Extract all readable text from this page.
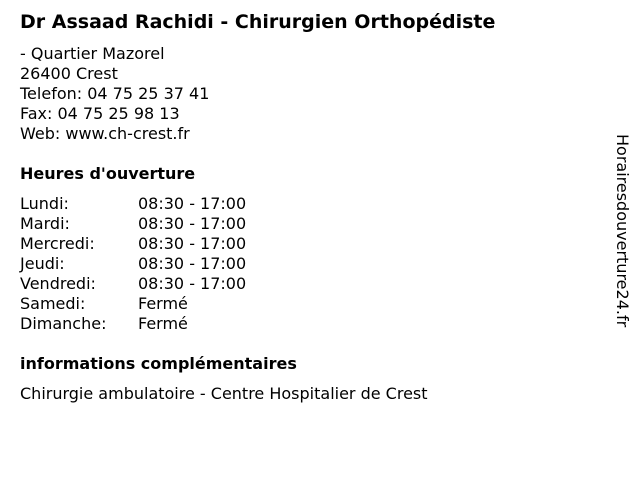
Dr Assaad Rachidi - Chirurgien Orthopédiste
- Quartier Mazorel
26400 Crest
Telefon: 04 75 25 37 41
Fax: 04 75 25 98 13
Web: www.ch-crest.fr
Heures d'ouverture
Lundi:	08:30 - 17:00
Mardi:	08:30 - 17:00
Mercredi:	08:30 - 17:00
Jeudi:	08:30 - 17:00
Vendredi:	08:30 - 17:00
Samedi:	Fermé
Dimanche:	Fermé
informations complémentaires
Chirurgie ambulatoire - Centre Hospitalier de Crest
Horairesdouverture24.fr
